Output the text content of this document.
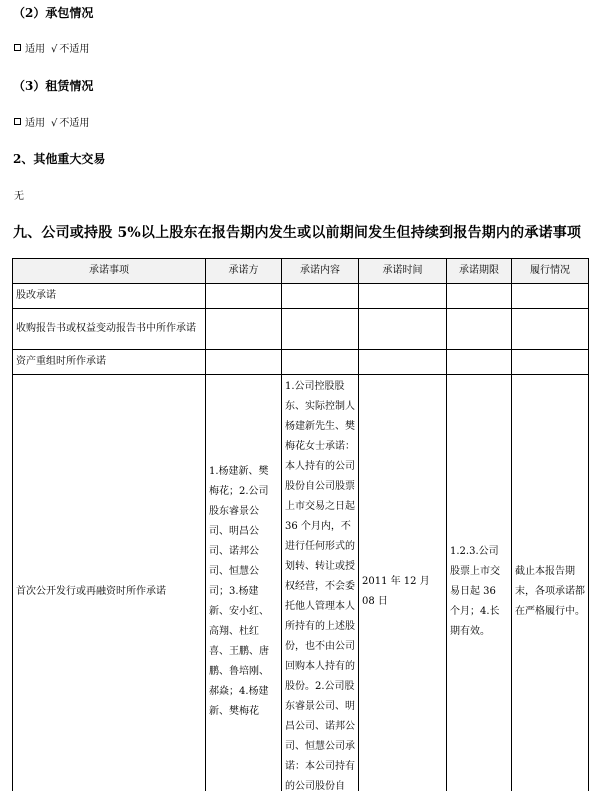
（2）承包情况
适用 √ 不适用
（3）租赁情况
适用 √ 不适用
2、其他重大交易
无
九、公司或持股 5%以上股东在报告期内发生或以前期间发生但持续到报告期内的承诺事项
承诺事项	承诺方	承诺内容	承诺时间	承诺期限	履行情况
股改承诺					
收购报告书或权益变动报告书中所作承诺					
资产重组时所作承诺					
首次公开发行或再融资时所作承诺	1.杨建新、樊梅花；2.公司股东睿景公司、明昌公司、诺邦公司、恒慧公司；3.杨建新、安小红、高翔、杜红喜、王鹏、唐鹏、鲁培刚、郝焱；4.杨建新、樊梅花	1.公司控股股东、实际控制人杨建新先生、樊梅花女士承诺：本人持有的公司股份自公司股票上市交易之日起 36 个月内，不进行任何形式的划转、转让或授权经营，不会委托他人管理本人所持有的上述股份，也不由公司回购本人持有的股份。2.公司股东睿景公司、明昌公司、诺邦公司、恒慧公司承诺：本公司持有的公司股份自	2011 年 12 月 08 日	1.2.3.公司股票上市交易日起 36 个月；4.长期有效。	截止本报告期末，各项承诺都在严格履行中。
